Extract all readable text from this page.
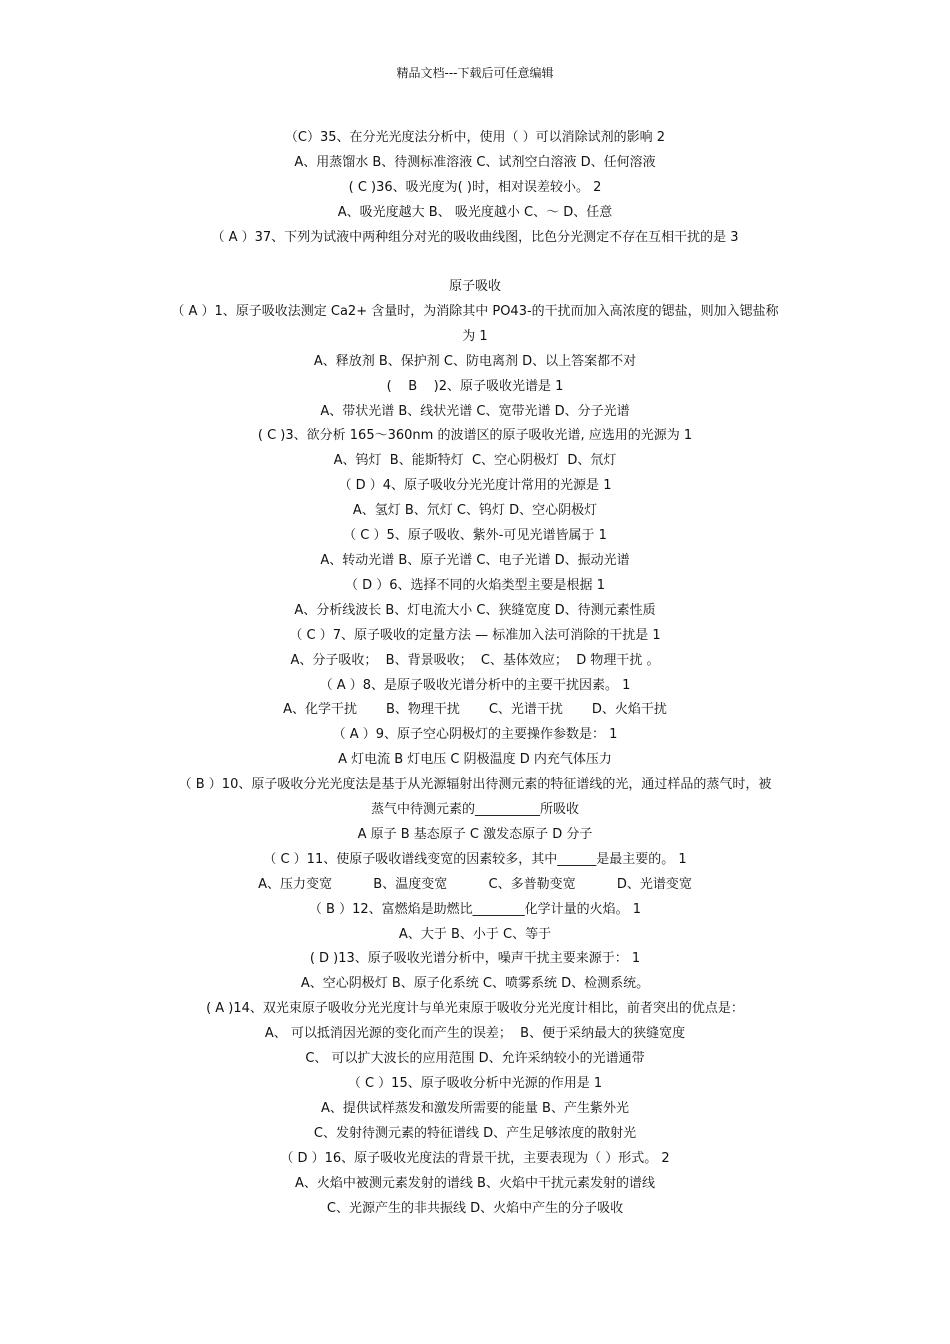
精品文档---下载后可任意编辑
（C）35、在分光光度法分析中，使用（ ）可以消除试剂的影响 2
A、用蒸馏水 B、待测标准溶液 C、试剂空白溶液 D、任何溶液
( C )36、吸光度为( )时，相对误差较小。 2
A、吸光度越大 B、 吸光度越小 C、～ D、任意
（ A ）37、下列为试液中两种组分对光的吸收曲线图，比色分光测定不存在互相干扰的是 3
原子吸收
（ A ）1、原子吸收法测定 Ca2+ 含量时，为消除其中 PO43-的干扰而加入高浓度的锶盐，则加入锶盐称
为 1
A、释放剂 B、保护剂 C、防电离剂 D、以上答案都不对
(    B    )2、原子吸收光谱是 1
A、带状光谱 B、线状光谱 C、宽带光谱 D、分子光谱
( C )3、欲分析 165～360nm 的波谱区的原子吸收光谱, 应选用的光源为 1
A、钨灯  B、能斯特灯  C、空心阴极灯  D、氘灯
（ D ）4、原子吸收分光光度计常用的光源是 1
A、氢灯 B、氘灯 C、钨灯 D、空心阴极灯
（ C ）5、原子吸收、紫外-可见光谱皆属于 1
A、转动光谱 B、原子光谱 C、电子光谱 D、振动光谱
（ D ）6、选择不同的火焰类型主要是根据 1
A、分析线波长 B、灯电流大小 C、狭缝宽度 D、待测元素性质
（ C ）7、原子吸收的定量方法 — 标准加入法可消除的干扰是 1
A、分子吸收；  B、背景吸收；  C、基体效应；  D 物理干扰 。
（ A ）8、是原子吸收光谱分析中的主要干扰因素。 1
A、化学干扰       B、物理干扰       C、光谱干扰       D、火焰干扰
（ A ）9、原子空心阴极灯的主要操作参数是： 1
A 灯电流 B 灯电压 C 阴极温度 D 内充气体压力
（ B ）10、原子吸收分光光度法是基于从光源辐射出待测元素的特征谱线的光，通过样品的蒸气时，被
蒸气中待测元素的__________所吸收
A 原子 B 基态原子 C 激发态原子 D 分子
（ C ）11、使原子吸收谱线变宽的因素较多，其中______是最主要的。 1
A、压力变宽          B、温度变宽          C、多普勒变宽          D、光谱变宽
（ B ）12、富燃焰是助燃比________化学计量的火焰。 1
A、大于 B、小于 C、等于
( D )13、原子吸收光谱分析中，噪声干扰主要来源于： 1
A、空心阴极灯 B、原子化系统 C、喷雾系统 D、检测系统。
( A )14、双光束原子吸收分光光度计与单光束原于吸收分光光度计相比，前者突出的优点是：
A、 可以抵消因光源的变化而产生的误差；  B、便于采纳最大的狭缝宽度
C、 可以扩大波长的应用范围 D、允许采纳较小的光谱通带
（ C ）15、原子吸收分析中光源的作用是 1
A、提供试样蒸发和激发所需要的能量 B、产生紫外光
C、发射待测元素的特征谱线 D、产生足够浓度的散射光
（ D ）16、原子吸收光度法的背景干扰，主要表现为（ ）形式。 2
A、火焰中被测元素发射的谱线 B、火焰中干扰元素发射的谱线
C、光源产生的非共振线 D、火焰中产生的分子吸收
